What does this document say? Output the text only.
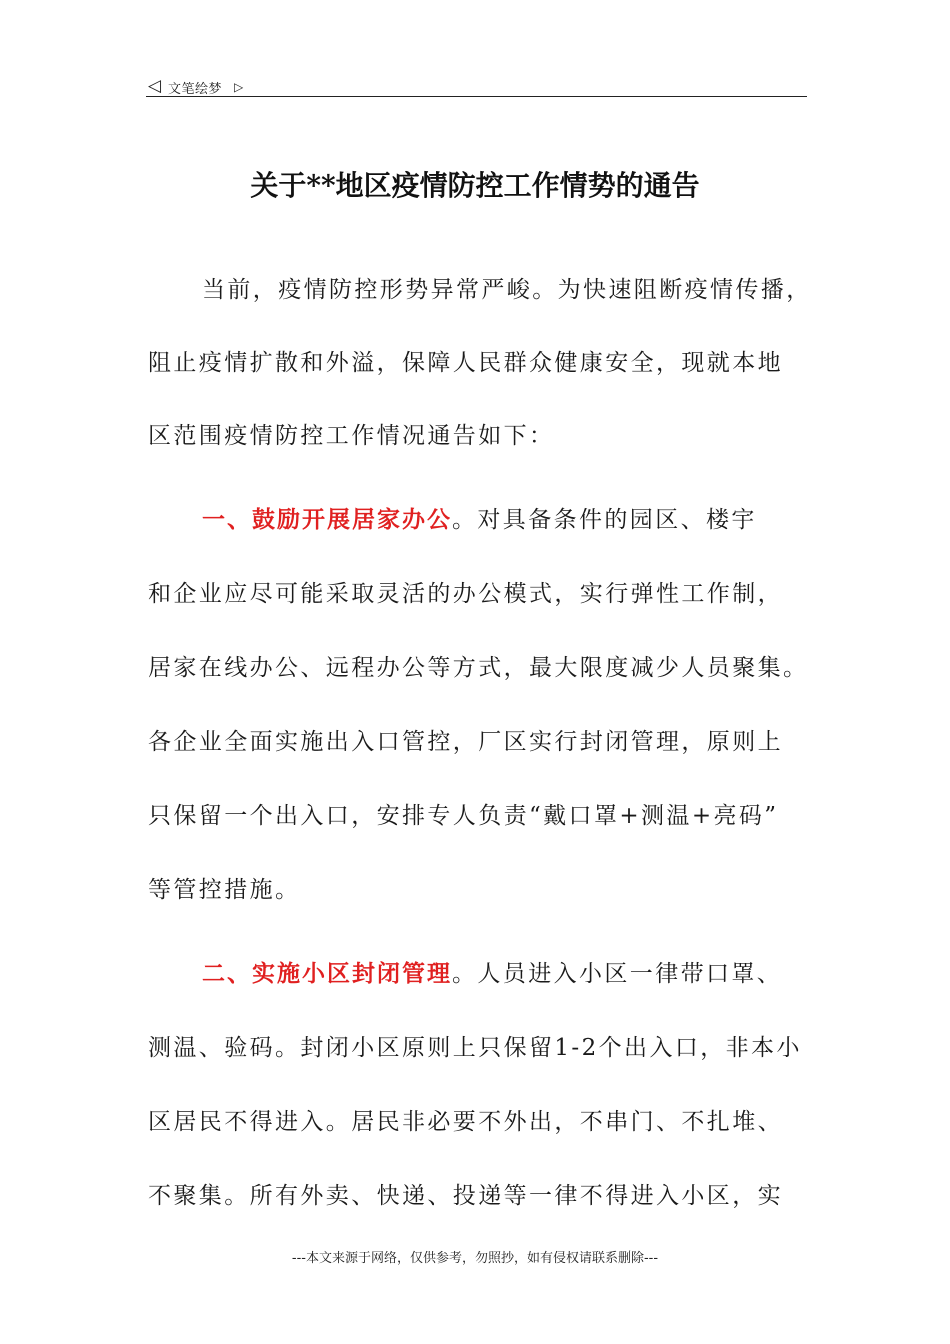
◁ 文笔绘梦 ▷
关于**地区疫情防控工作情势的通告
当前，疫情防控形势异常严峻。为快速阻断疫情传播，
阻止疫情扩散和外溢，保障人民群众健康安全，现就本地
区范围疫情防控工作情况通告如下：
一、鼓励开展居家办公。对具备条件的园区、楼宇
和企业应尽可能采取灵活的办公模式，实行弹性工作制，
居家在线办公、远程办公等方式，最大限度减少人员聚集。
各企业全面实施出入口管控，厂区实行封闭管理，原则上
只保留一个出入口，安排专人负责“戴口罩+测温+亮码”
等管控措施。
二、实施小区封闭管理。人员进入小区一律带口罩、
测温、验码。封闭小区原则上只保留1-2个出入口，非本小
区居民不得进入。居民非必要不外出，不串门、不扎堆、
不聚集。所有外卖、快递、投递等一律不得进入小区，实
---本文来源于网络，仅供参考，勿照抄，如有侵权请联系删除---
